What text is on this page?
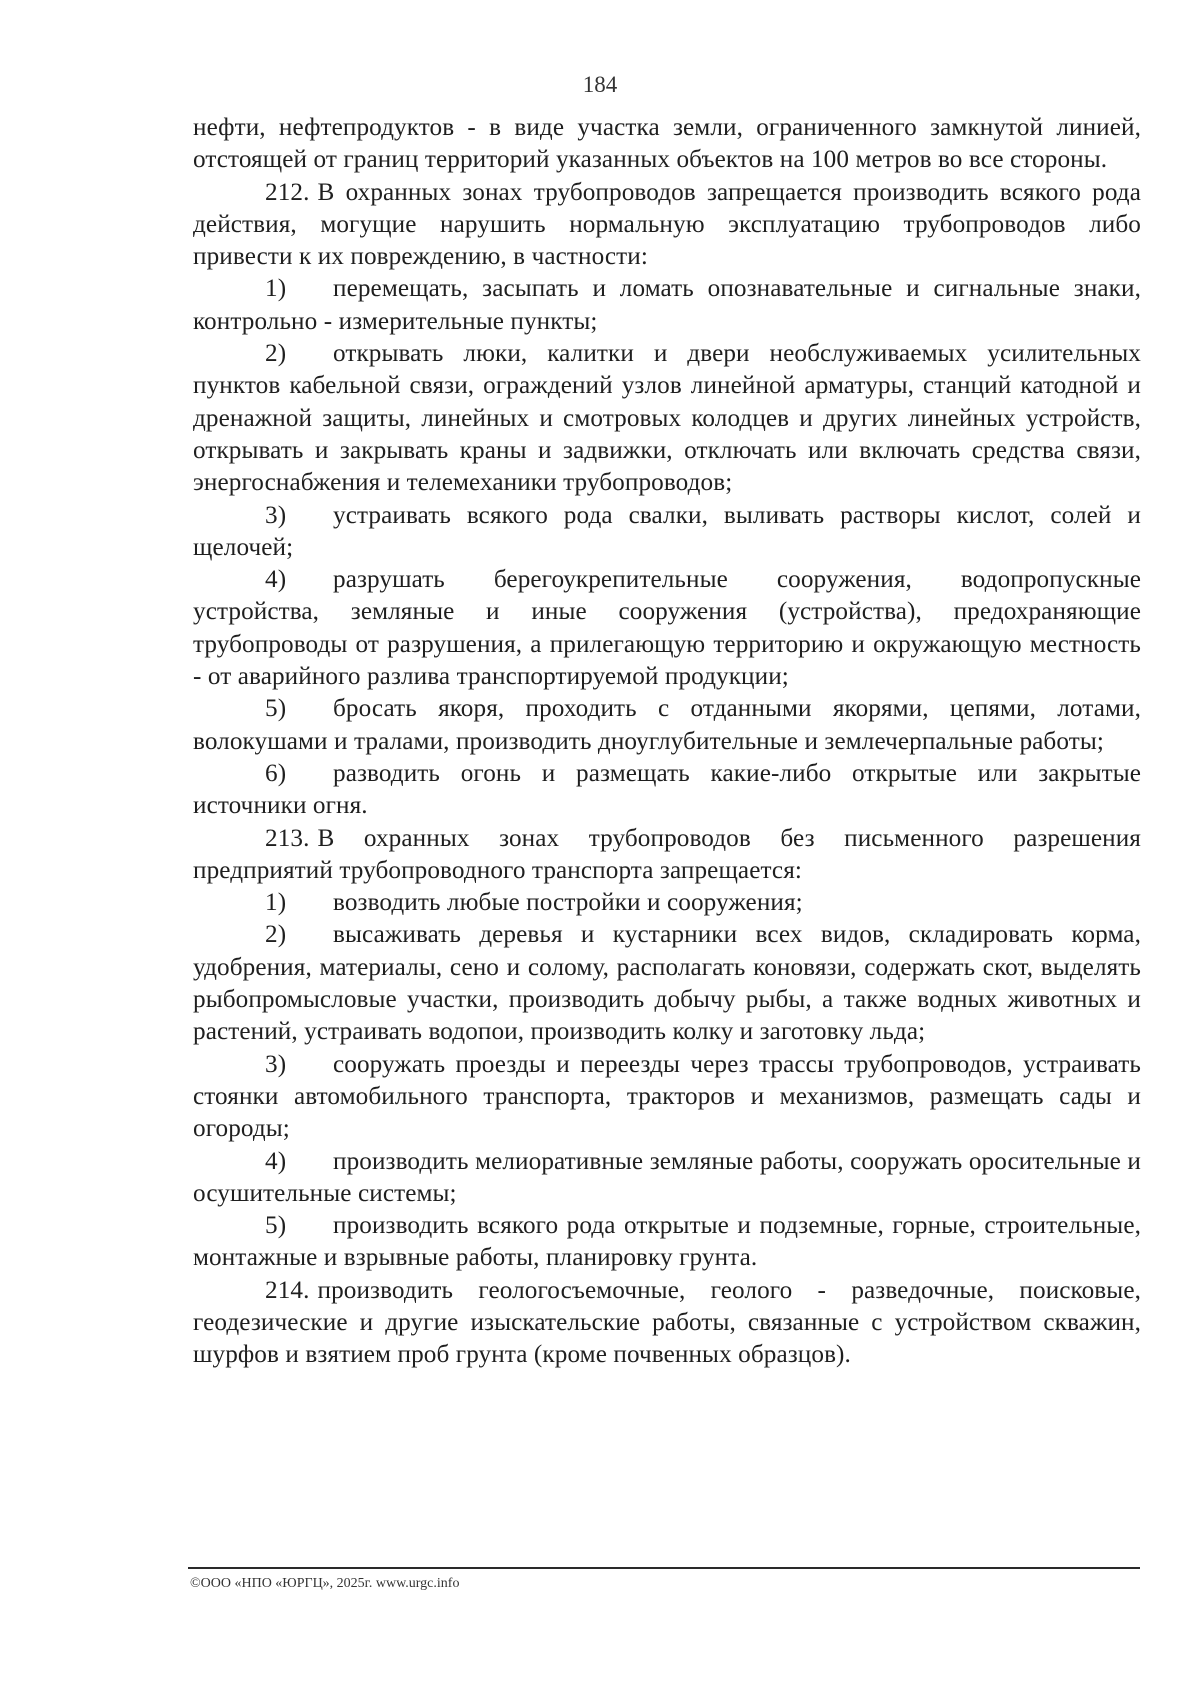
184

нефти, нефтепродуктов - в виде участка земли, ограниченного замкнутой линией, отстоящей от границ территорий указанных объектов на 100 метров во все стороны.

212. В охранных зонах трубопроводов запрещается производить всякого рода действия, могущие нарушить нормальную эксплуатацию трубопроводов либо привести к их повреждению, в частности:

1) перемещать, засыпать и ломать опознавательные и сигнальные знаки, контрольно - измерительные пункты;

2) открывать люки, калитки и двери необслуживаемых усилительных пунктов кабельной связи, ограждений узлов линейной арматуры, станций катодной и дренажной защиты, линейных и смотровых колодцев и других линейных устройств, открывать и закрывать краны и задвижки, отключать или включать средства связи, энергоснабжения и телемеханики трубопроводов;

3) устраивать всякого рода свалки, выливать растворы кислот, солей и щелочей;

4) разрушать берегоукрепительные сооружения, водопропускные устройства, земляные и иные сооружения (устройства), предохраняющие трубопроводы от разрушения, а прилегающую территорию и окружающую местность - от аварийного разлива транспортируемой продукции;

5) бросать якоря, проходить с отданными якорями, цепями, лотами, волокушами и тралами, производить дноуглубительные и землечерпальные работы;

6) разводить огонь и размещать какие-либо открытые или закрытые источники огня.

213. В охранных зонах трубопроводов без письменного разрешения предприятий трубопроводного транспорта запрещается:

1) возводить любые постройки и сооружения;

2) высаживать деревья и кустарники всех видов, складировать корма, удобрения, материалы, сено и солому, располагать коновязи, содержать скот, выделять рыбопромысловые участки, производить добычу рыбы, а также водных животных и растений, устраивать водопои, производить колку и заготовку льда;

3) сооружать проезды и переезды через трассы трубопроводов, устраивать стоянки автомобильного транспорта, тракторов и механизмов, размещать сады и огороды;

4) производить мелиоративные земляные работы, сооружать оросительные и осушительные системы;

5) производить всякого рода открытые и подземные, горные, строительные, монтажные и взрывные работы, планировку грунта.

214. производить геологосъемочные, геолого - разведочные, поисковые, геодезические и другие изыскательские работы, связанные с устройством скважин, шурфов и взятием проб грунта (кроме почвенных образцов).

©ООО «НПО «ЮРГЦ», 2025г. www.urgc.info
